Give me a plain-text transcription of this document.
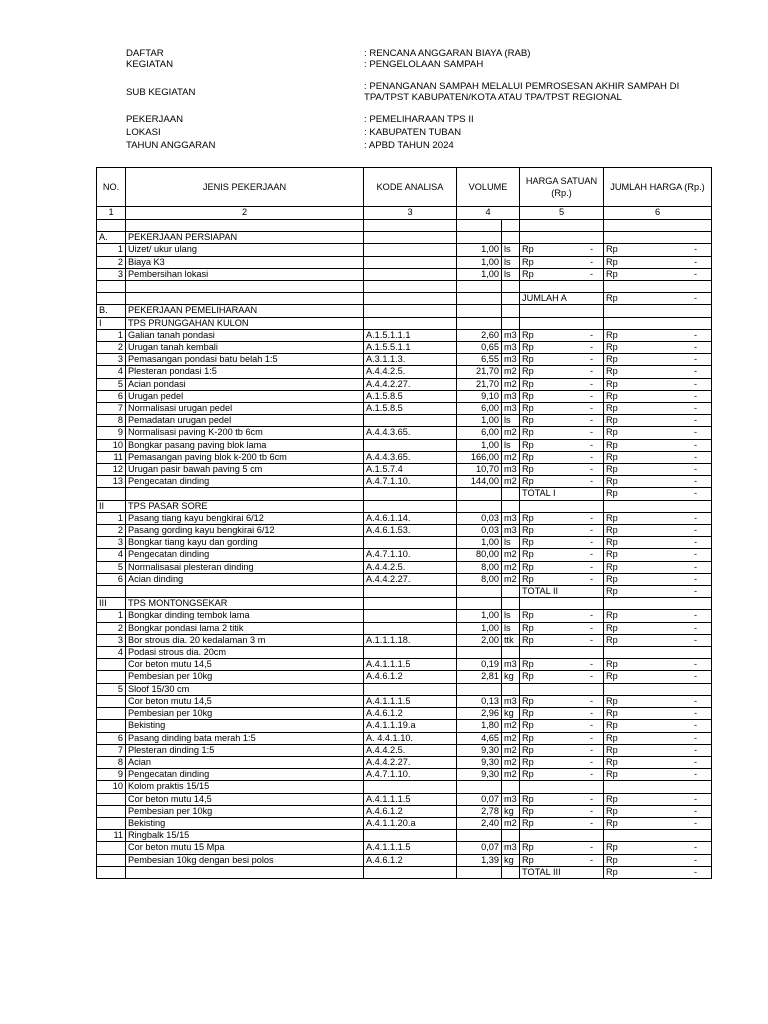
DAFTAR	: RENCANA ANGGARAN BIAYA (RAB)
KEGIATAN	: PENGELOLAAN SAMPAH
SUB KEGIATAN
: PENANGANAN SAMPAH MELALUI PEMROSESAN AKHIR SAMPAH DI TPA/TPST KABUPATEN/KOTA ATAU TPA/TPST REGIONAL
PEKERJAAN	: PEMELIHARAAN TPS II
LOKASI	: KABUPATEN TUBAN
TAHUN ANGGARAN	: APBD TAHUN 2024
NO.	JENIS PEKERJAAN	KODE ANALISA	VOLUME		HARGA SATUAN (Rp.)	JUMLAH HARGA (Rp.)
1	2	3	4		5	6

A.	PEKERJAAN PERSIAPAN					
1	Uizet/ ukur ulang		1,00	ls	Rp -	Rp -

2	Biaya K3		1,00	ls	Rp -	Rp -

3	Pembersihan lokasi		1,00	ls	Rp -	Rp -

					JUMLAH A	Rp -

B.	PEKERJAAN PEMELIHARAAN					
I	TPS PRUNGGAHAN KULON					
1	Galian tanah pondasi	A.1.5.1.1.1	2,60	m3	Rp -	Rp -

2	Urugan tanah kembali	A.1.5.5.1.1	0,65	m3	Rp -	Rp -

3	Pemasangan pondasi batu belah 1:5	A.3.1.1.3.	6,55	m3	Rp -	Rp -

4	Plesteran pondasi 1:5	A.4.4.2.5.	21,70	m2	Rp -	Rp -

5	Acian pondasi	A.4.4.2.27.	21,70	m2	Rp -	Rp -

6	Urugan pedel	A.1.5.8.5	9,10	m3	Rp -	Rp -

7	Normalisasi urugan pedel	A.1.5.8.5	6,00	m3	Rp -	Rp -

8	Pemadatan urugan pedel		1,00	ls	Rp -	Rp -

9	Normalisasi paving K-200 tb 6cm	A.4.4.3.65.	6,00	m2	Rp -	Rp -

10	Bongkar pasang paving blok lama		1,00	ls	Rp -	Rp -

11	Pemasangan paving blok k-200 tb 6cm	A.4.4.3.65.	166,00	m2	Rp -	Rp -

12	Urugan pasir bawah paving 5 cm	A.1.5.7.4	10,70	m3	Rp -	Rp -

13	Pengecatan dinding	A.4.7.1.10.	144,00	m2	Rp -	Rp -

					TOTAL I	Rp -

II	TPS PASAR SORE					
1	Pasang tiang kayu bengkirai 6/12	A.4.6.1.14.	0,03	m3	Rp -	Rp -

2	Pasang gording kayu bengkirai 6/12	A.4.6.1.53.	0,03	m3	Rp -	Rp -

3	Bongkar tiang kayu dan gording		1,00	ls	Rp -	Rp -

4	Pengecatan dinding	A.4.7.1.10.	80,00	m2	Rp -	Rp -

5	Normalisasai plesteran dinding	A.4.4.2.5.	8,00	m2	Rp -	Rp -

6	Acian dinding	A.4.4.2.27.	8,00	m2	Rp -	Rp -

					TOTAL II	Rp -

III	TPS MONTONGSEKAR					
1	Bongkar dinding tembok lama		1,00	ls	Rp -	Rp -

2	Bongkar pondasi lama 2 titik		1,00	ls	Rp -	Rp -

3	Bor strous dia. 20 kedalaman 3 m	A.1.1.1.18.	2,00	ttk	Rp -	Rp -

4	Podasi strous dia. 20cm					
	Cor beton mutu 14,5	A.4.1.1.1.5	0,19	m3	Rp -	Rp -

	Pembesian per 10kg	A.4.6.1.2	2,81	kg	Rp -	Rp -

5	Sloof 15/30 cm					
	Cor beton mutu 14,5	A.4.1.1.1.5	0,13	m3	Rp -	Rp -

	Pembesian per 10kg	A.4.6.1.2	2,96	kg	Rp -	Rp -

	Bekisting	A.4.1.1.19.a	1,80	m2	Rp -	Rp -

6	Pasang dinding bata merah 1:5	A. 4.4.1.10.	4,65	m2	Rp -	Rp -

7	Plesteran dinding 1:5	A.4.4.2.5.	9,30	m2	Rp -	Rp -

8	Acian	A.4.4.2.27.	9,30	m2	Rp -	Rp -

9	Pengecatan dinding	A.4.7.1.10.	9,30	m2	Rp -	Rp -

10	Kolom praktis 15/15					
	Cor beton mutu 14,5	A.4.1.1.1.5	0,07	m3	Rp -	Rp -

	Pembesian per 10kg	A.4.6.1.2	2,78	kg	Rp -	Rp -

	Bekisting	A.4.1.1.20.a	2,40	m2	Rp -	Rp -

11	Ringbalk 15/15					
	Cor beton mutu 15 Mpa	A.4.1.1.1.5	0,07	m3	Rp -	Rp -

	Pembesian 10kg dengan besi polos	A.4.6.1.2	1,39	kg	Rp -	Rp -

					TOTAL III	Rp -
